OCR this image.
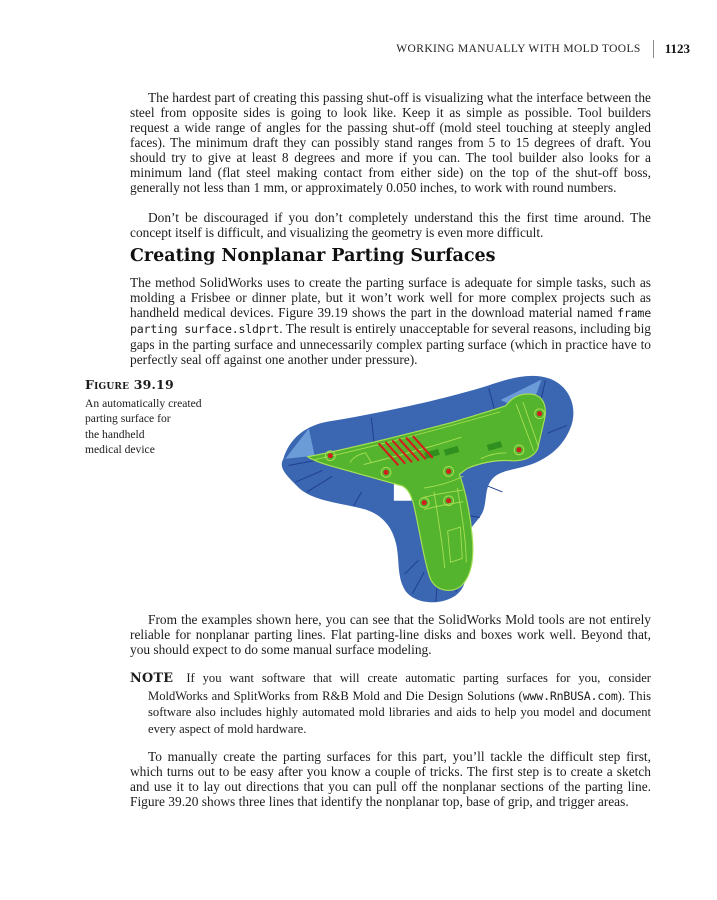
WORKING MANUALLY WITH MOLD TOOLS 1123

The hardest part of creating this passing shut-off is visualizing what the interface between the steel from opposite sides is going to look like. Keep it as simple as possible. Tool builders request a wide range of angles for the passing shut-off (mold steel touching at steeply angled faces). The minimum draft they can possibly stand ranges from 5 to 15 degrees of draft. You should try to give at least 8 degrees and more if you can. The tool builder also looks for a minimum land (flat steel making contact from either side) on the top of the shut-off boss, generally not less than 1 mm, or approximately 0.050 inches, to work with round numbers.

Don’t be discouraged if you don’t completely understand this the first time around. The concept itself is difficult, and visualizing the geometry is even more difficult.

Creating Nonplanar Parting Surfaces

The method SolidWorks uses to create the parting surface is adequate for simple tasks, such as molding a Frisbee or dinner plate, but it won’t work well for more complex projects such as handheld medical devices. Figure 39.19 shows the part in the download material named frame parting surface.sldprt. The result is entirely unacceptable for several reasons, including big gaps in the parting surface and unnecessarily complex parting surface (which in practice have to perfectly seal off against one another under pressure).

Figure 39.19
An automatically created
parting surface for
the handheld
medical device

From the examples shown here, you can see that the SolidWorks Mold tools are not entirely reliable for nonplanar parting lines. Flat parting-line disks and boxes work well. Beyond that, you should expect to do some manual surface modeling.

NOTE If you want software that will create automatic parting surfaces for you, consider MoldWorks and SplitWorks from R&B Mold and Die Design Solutions (www.RnBUSA.com). This software also includes highly automated mold libraries and aids to help you model and document every aspect of mold hardware.

To manually create the parting surfaces for this part, you’ll tackle the difficult step first, which turns out to be easy after you know a couple of tricks. The first step is to create a sketch and use it to lay out directions that you can pull off the nonplanar sections of the parting line. Figure 39.20 shows three lines that identify the nonplanar top, base of grip, and trigger areas.
